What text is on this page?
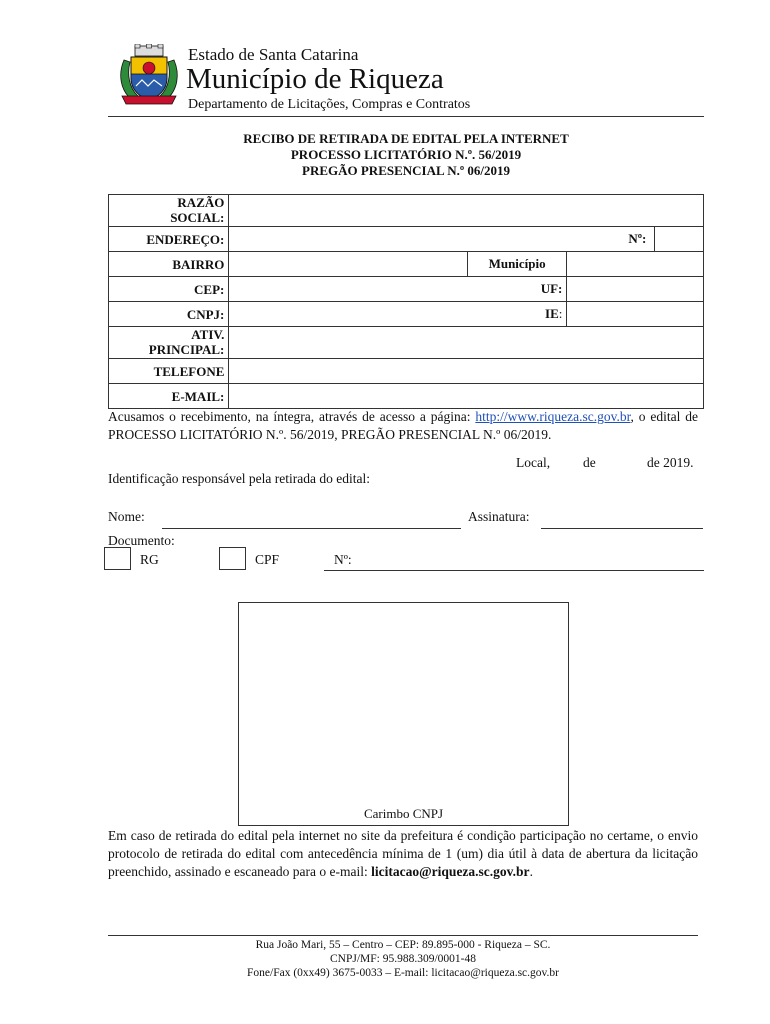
Estado de Santa Catarina
Município de Riqueza
Departamento de Licitações, Compras e Contratos
RECIBO DE RETIRADA DE EDITAL PELA INTERNET
PROCESSO LICITATÓRIO N.º. 56/2019
PREGÃO PRESENCIAL N.º 06/2019
RAZÃO
SOCIAL:				
ENDEREÇO:			Nº:	
BAIRRO		Município		
CEP:		UF:		
CNPJ:		IE:		
ATIV.
PRINCIPAL:				
TELEFONE				
E-MAIL:				
Acusamos o recebimento, na íntegra, através de acesso a página: http://www.riqueza.sc.gov.br, o edital de PROCESSO LICITATÓRIO N.º. 56/2019, PREGÃO PRESENCIAL N.º 06/2019.
Local, de	de 2019.
Identificação responsável pela retirada do edital:
Nome:	Assinatura:
Documento:
RG	CPF	Nº:
Carimbo CNPJ
Em caso de retirada do edital pela internet no site da prefeitura é condição participação no certame, o envio protocolo de retirada do edital com antecedência mínima de 1 (um) dia útil à data de abertura da licitação preenchido, assinado e escaneado para o e-mail: licitacao@riqueza.sc.gov.br.
Rua João Mari, 55 – Centro – CEP: 89.895-000 - Riqueza – SC.
CNPJ/MF: 95.988.309/0001-48
Fone/Fax (0xx49) 3675-0033 – E-mail: licitacao@riqueza.sc.gov.br
